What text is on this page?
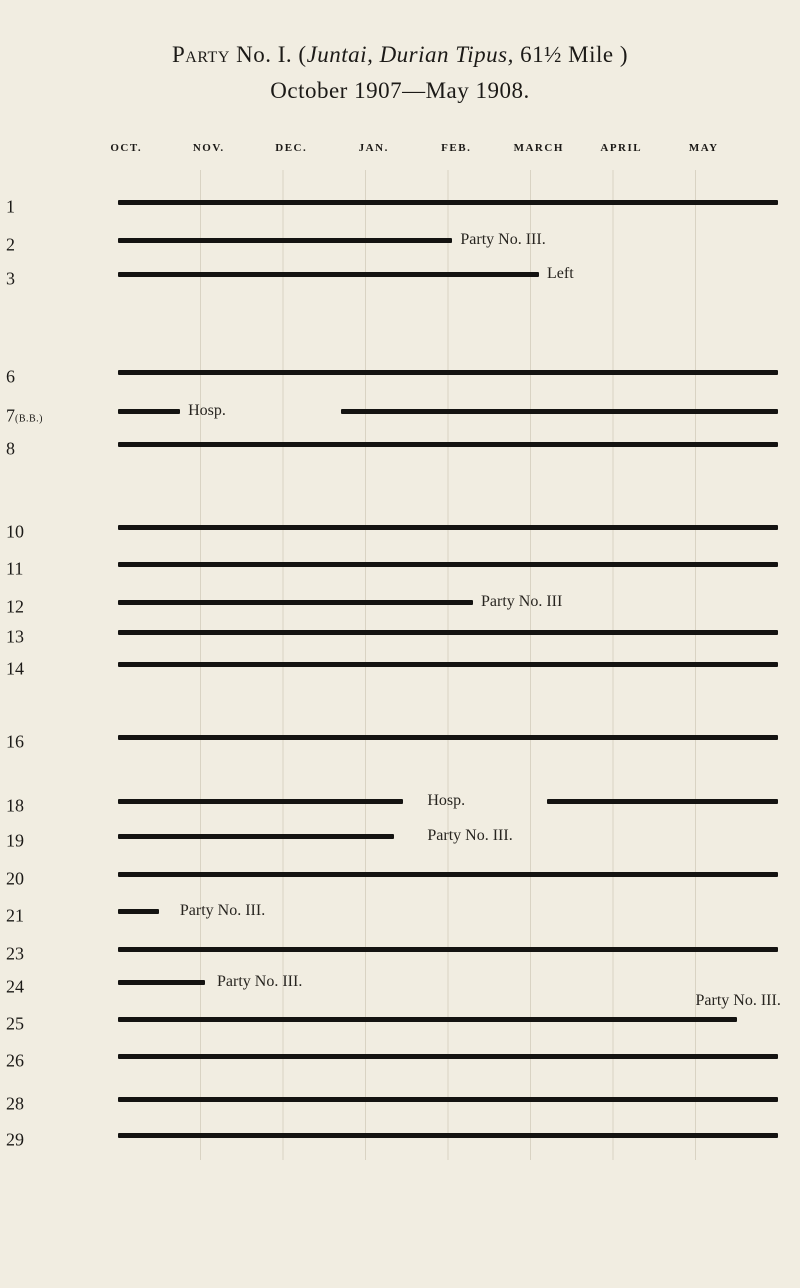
Party No. I. (Juntai, Durian Tipus, 61½ Mile )
October 1907—May 1908.
OCT.	NOV.	DEC.	JAN.	FEB.	MARCH	APRIL	MAY
1
2	Party No. III.
3	Left
6
7(B.B.)	Hosp.
8
10
11
12	Party No. III
13
14
16
18	Hosp.
19	Party No. III.
20
21	Party No. III.
23
24	Party No. III.
25
Party No. III.
26
28
29
